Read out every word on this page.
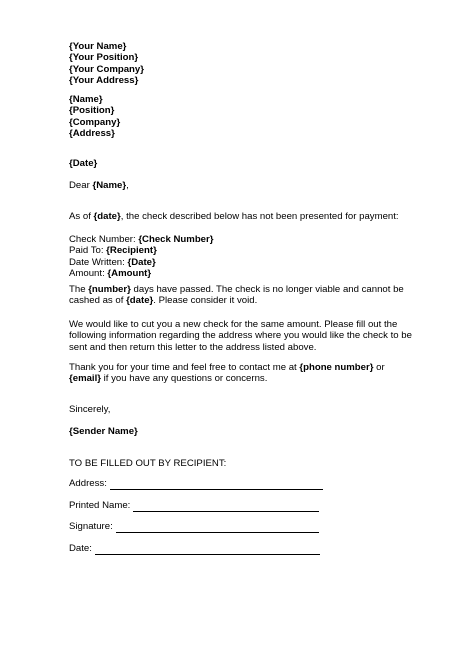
{Your Name}
{Your Position}
{Your Company}
{Your Address}
{Name}
{Position}
{Company}
{Address}
{Date}
Dear {Name},
As of {date}, the check described below has not been presented for payment:
Check Number: {Check Number}
Paid To: {Recipient}
Date Written: {Date}
Amount: {Amount}
The {number} days have passed. The check is no longer viable and cannot be
cashed as of {date}. Please consider it void.
We would like to cut you a new check for the same amount. Please fill out the
following information regarding the address where you would like the check to be
sent and then return this letter to the address listed above.
Thank you for your time and feel free to contact me at {phone number} or
{email} if you have any questions or concerns.
Sincerely,
{Sender Name}
TO BE FILLED OUT BY RECIPIENT:
Address:
Printed Name:
Signature:
Date:
